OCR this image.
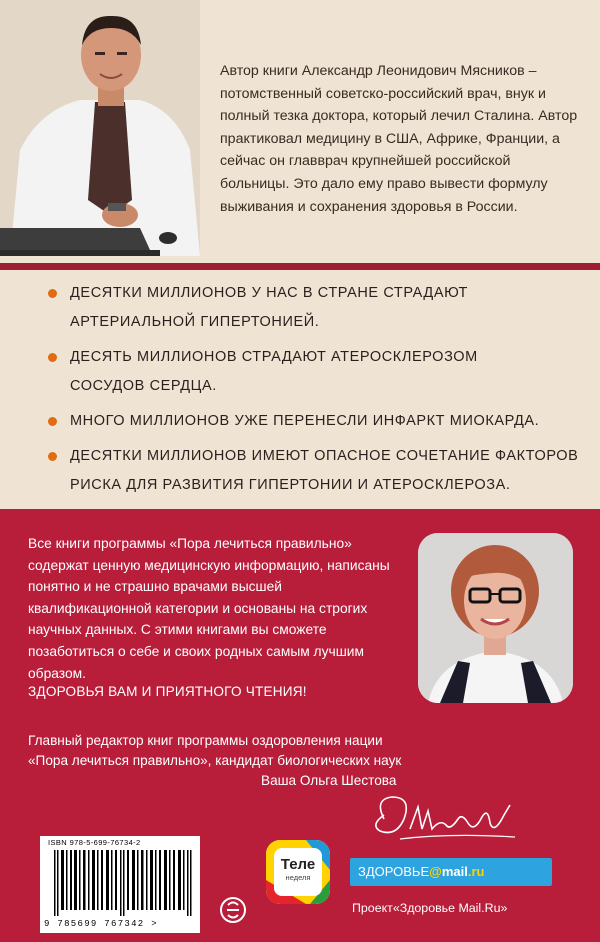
Автор книги Александр Леонидович Мясников – потомственный советско-российский врач, внук и полный тезка доктора, который лечил Сталина. Автор практиковал медицину в США, Африке, Франции, а сейчас он главврач крупнейшей российской больницы. Это дало ему право вывести формулу выживания и сохранения здоровья в России.
ДЕСЯТКИ МИЛЛИОНОВ У НАС В СТРАНЕ СТРАДАЮТ АРТЕРИАЛЬНОЙ ГИПЕРТОНИЕЙ.
ДЕСЯТЬ МИЛЛИОНОВ СТРАДАЮТ АТЕРОСКЛЕРОЗОМ СОСУДОВ СЕРДЦА.
МНОГО МИЛЛИОНОВ УЖЕ ПЕРЕНЕСЛИ ИНФАРКТ МИОКАРДА.
ДЕСЯТКИ МИЛЛИОНОВ ИМЕЮТ ОПАСНОЕ СОЧЕТАНИЕ ФАКТОРОВ РИСКА ДЛЯ РАЗВИТИЯ ГИПЕРТОНИИ И АТЕРОСКЛЕРОЗА.
Все книги программы «Пора лечиться правильно» содержат ценную медицинскую информацию, написаны понятно и не страшно врачами высшей квалификационной категории и основаны на строгих научных данных. С этими книгами вы сможете позаботиться о себе и своих родных самым лучшим образом.
ЗДОРОВЬЯ ВАМ И ПРИЯТНОГО ЧТЕНИЯ!
Главный редактор книг программы оздоровления нации
«Пора лечиться правильно», кандидат биологических наук
Ваша Ольга Шестова
ISBN 978-5-699-76734-2
9 785699 767342 >
Теле
неделя	ЗДОРОВЬЕ@mail.ru
Проект«Здоровье Mail.Ru»
